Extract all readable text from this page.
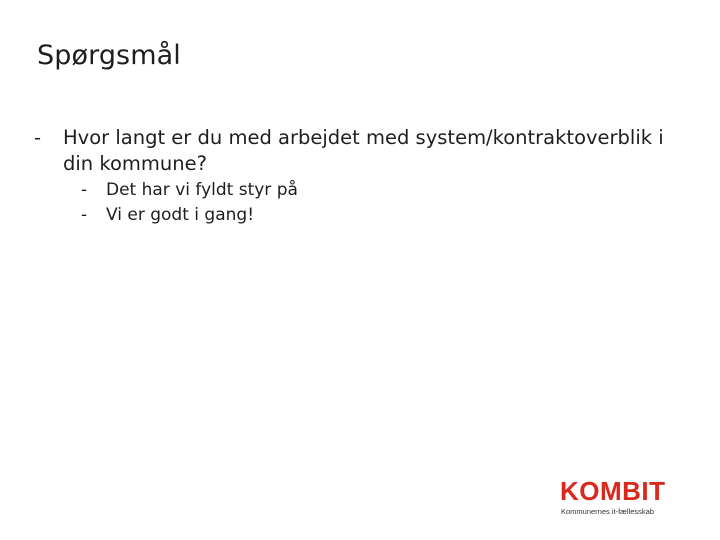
Spørgsmål
- Hvor langt er du med arbejdet med system/kontraktoverblik i din kommune?
- Det har vi fyldt styr på
- Vi er godt i gang!
KOMBIT
Kommunernes it-fællesskab
